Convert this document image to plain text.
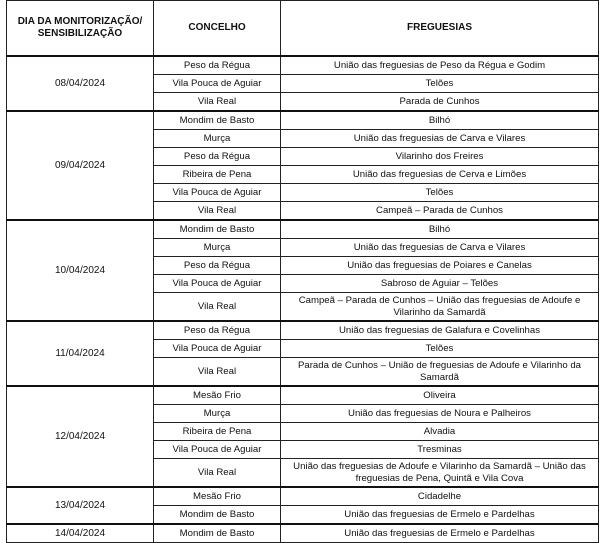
DIA DA MONITORIZAÇÃO/ SENSIBILIZAÇÃO	CONCELHO	FREGUESIAS
08/04/2024	Peso da Régua	União das freguesias de Peso da Régua e Godim
	Vila Pouca de Aguiar	Telões
	Vila Real	Parada de Cunhos
09/04/2024	Mondim de Basto	Bilhó
	Murça	União das freguesias de Carva e Vilares
	Peso da Régua	Vilarinho dos Freires
	Ribeira de Pena	União das freguesias de Cerva e Limões
	Vila Pouca de Aguiar	Telões
	Vila Real	Campeã – Parada de Cunhos
10/04/2024	Mondim de Basto	Bilhó
	Murça	União das freguesias de Carva e Vilares
	Peso da Régua	União das freguesias de Poiares e Canelas
	Vila Pouca de Aguiar	Sabroso de Aguiar – Telões
	Vila Real	Campeã – Parada de Cunhos – União das freguesias de Adoufe e Vilarinho da Samardã
11/04/2024	Peso da Régua	União das freguesias de Galafura e Covelinhas
	Vila Pouca de Aguiar	Telões
	Vila Real	Parada de Cunhos – União de freguesias de Adoufe e Vilarinho da Samardã
12/04/2024	Mesão Frio	Oliveira
	Murça	União das freguesias de Noura e Palheiros
	Ribeira de Pena	Alvadia
	Vila Pouca de Aguiar	Tresminas
	Vila Real	União das freguesias de Adoufe e Vilarinho da Samardã – União das freguesias de Pena, Quintã e Vila Cova
13/04/2024	Mesão Frio	Cidadelhe
	Mondim de Basto	União das freguesias de Ermelo e Pardelhas
14/04/2024	Mondim de Basto	União das freguesias de Ermelo e Pardelhas
